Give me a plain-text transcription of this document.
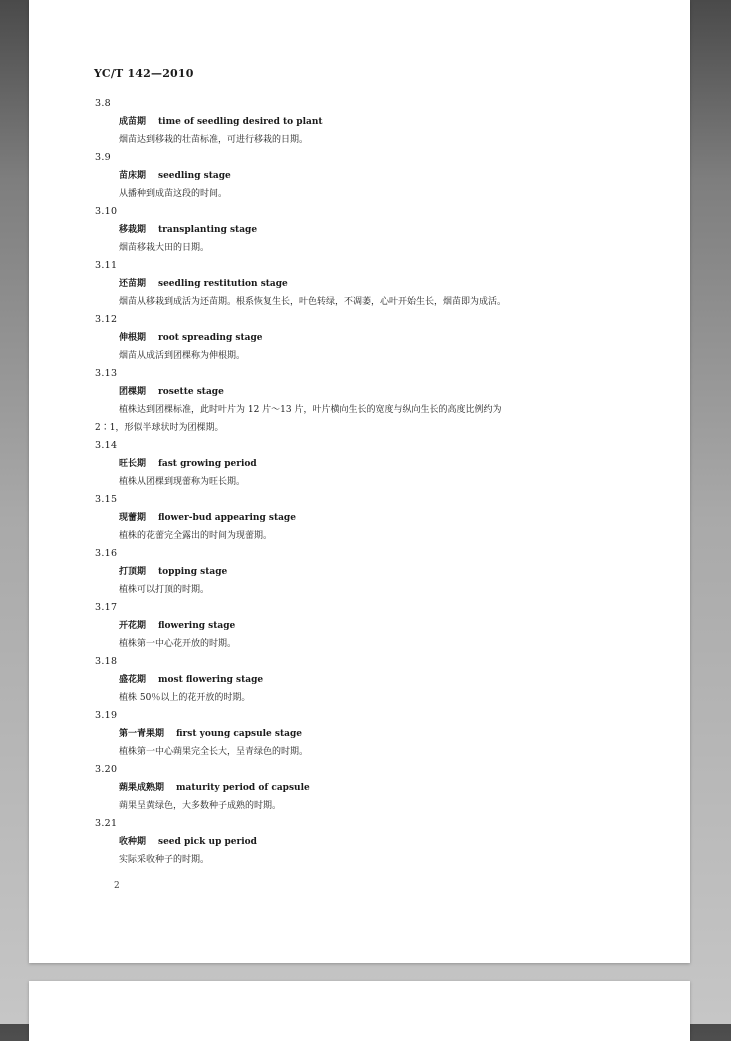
YC/T 142—2010
3.8
成苗期 time of seedling desired to plant
烟苗达到移栽的壮苗标准，可进行移栽的日期。
3.9
苗床期 seedling stage
从播种到成苗这段的时间。
3.10
移栽期 transplanting stage
烟苗移栽大田的日期。
3.11
还苗期 seedling restitution stage
烟苗从移栽到成活为还苗期。根系恢复生长，叶色转绿，不凋萎，心叶开始生长，烟苗即为成活。
3.12
伸根期 root spreading stage
烟苗从成活到团棵称为伸根期。
3.13
团棵期 rosette stage
植株达到团棵标准，此时叶片为 12 片～13 片，叶片横向生长的宽度与纵向生长的高度比例约为
2∶1，形似半球状时为团棵期。
3.14
旺长期 fast growing period
植株从团棵到现蕾称为旺长期。
3.15
现蕾期 flower-bud appearing stage
植株的花蕾完全露出的时间为现蕾期。
3.16
打顶期 topping stage
植株可以打顶的时期。
3.17
开花期 flowering stage
植株第一中心花开放的时期。
3.18
盛花期 most flowering stage
植株 50％以上的花开放的时期。
3.19
第一青果期 first young capsule stage
植株第一中心蒴果完全长大，呈青绿色的时期。
3.20
蒴果成熟期 maturity period of capsule
蒴果呈黄绿色，大多数种子成熟的时期。
3.21
收种期 seed pick up period
实际采收种子的时期。
2
